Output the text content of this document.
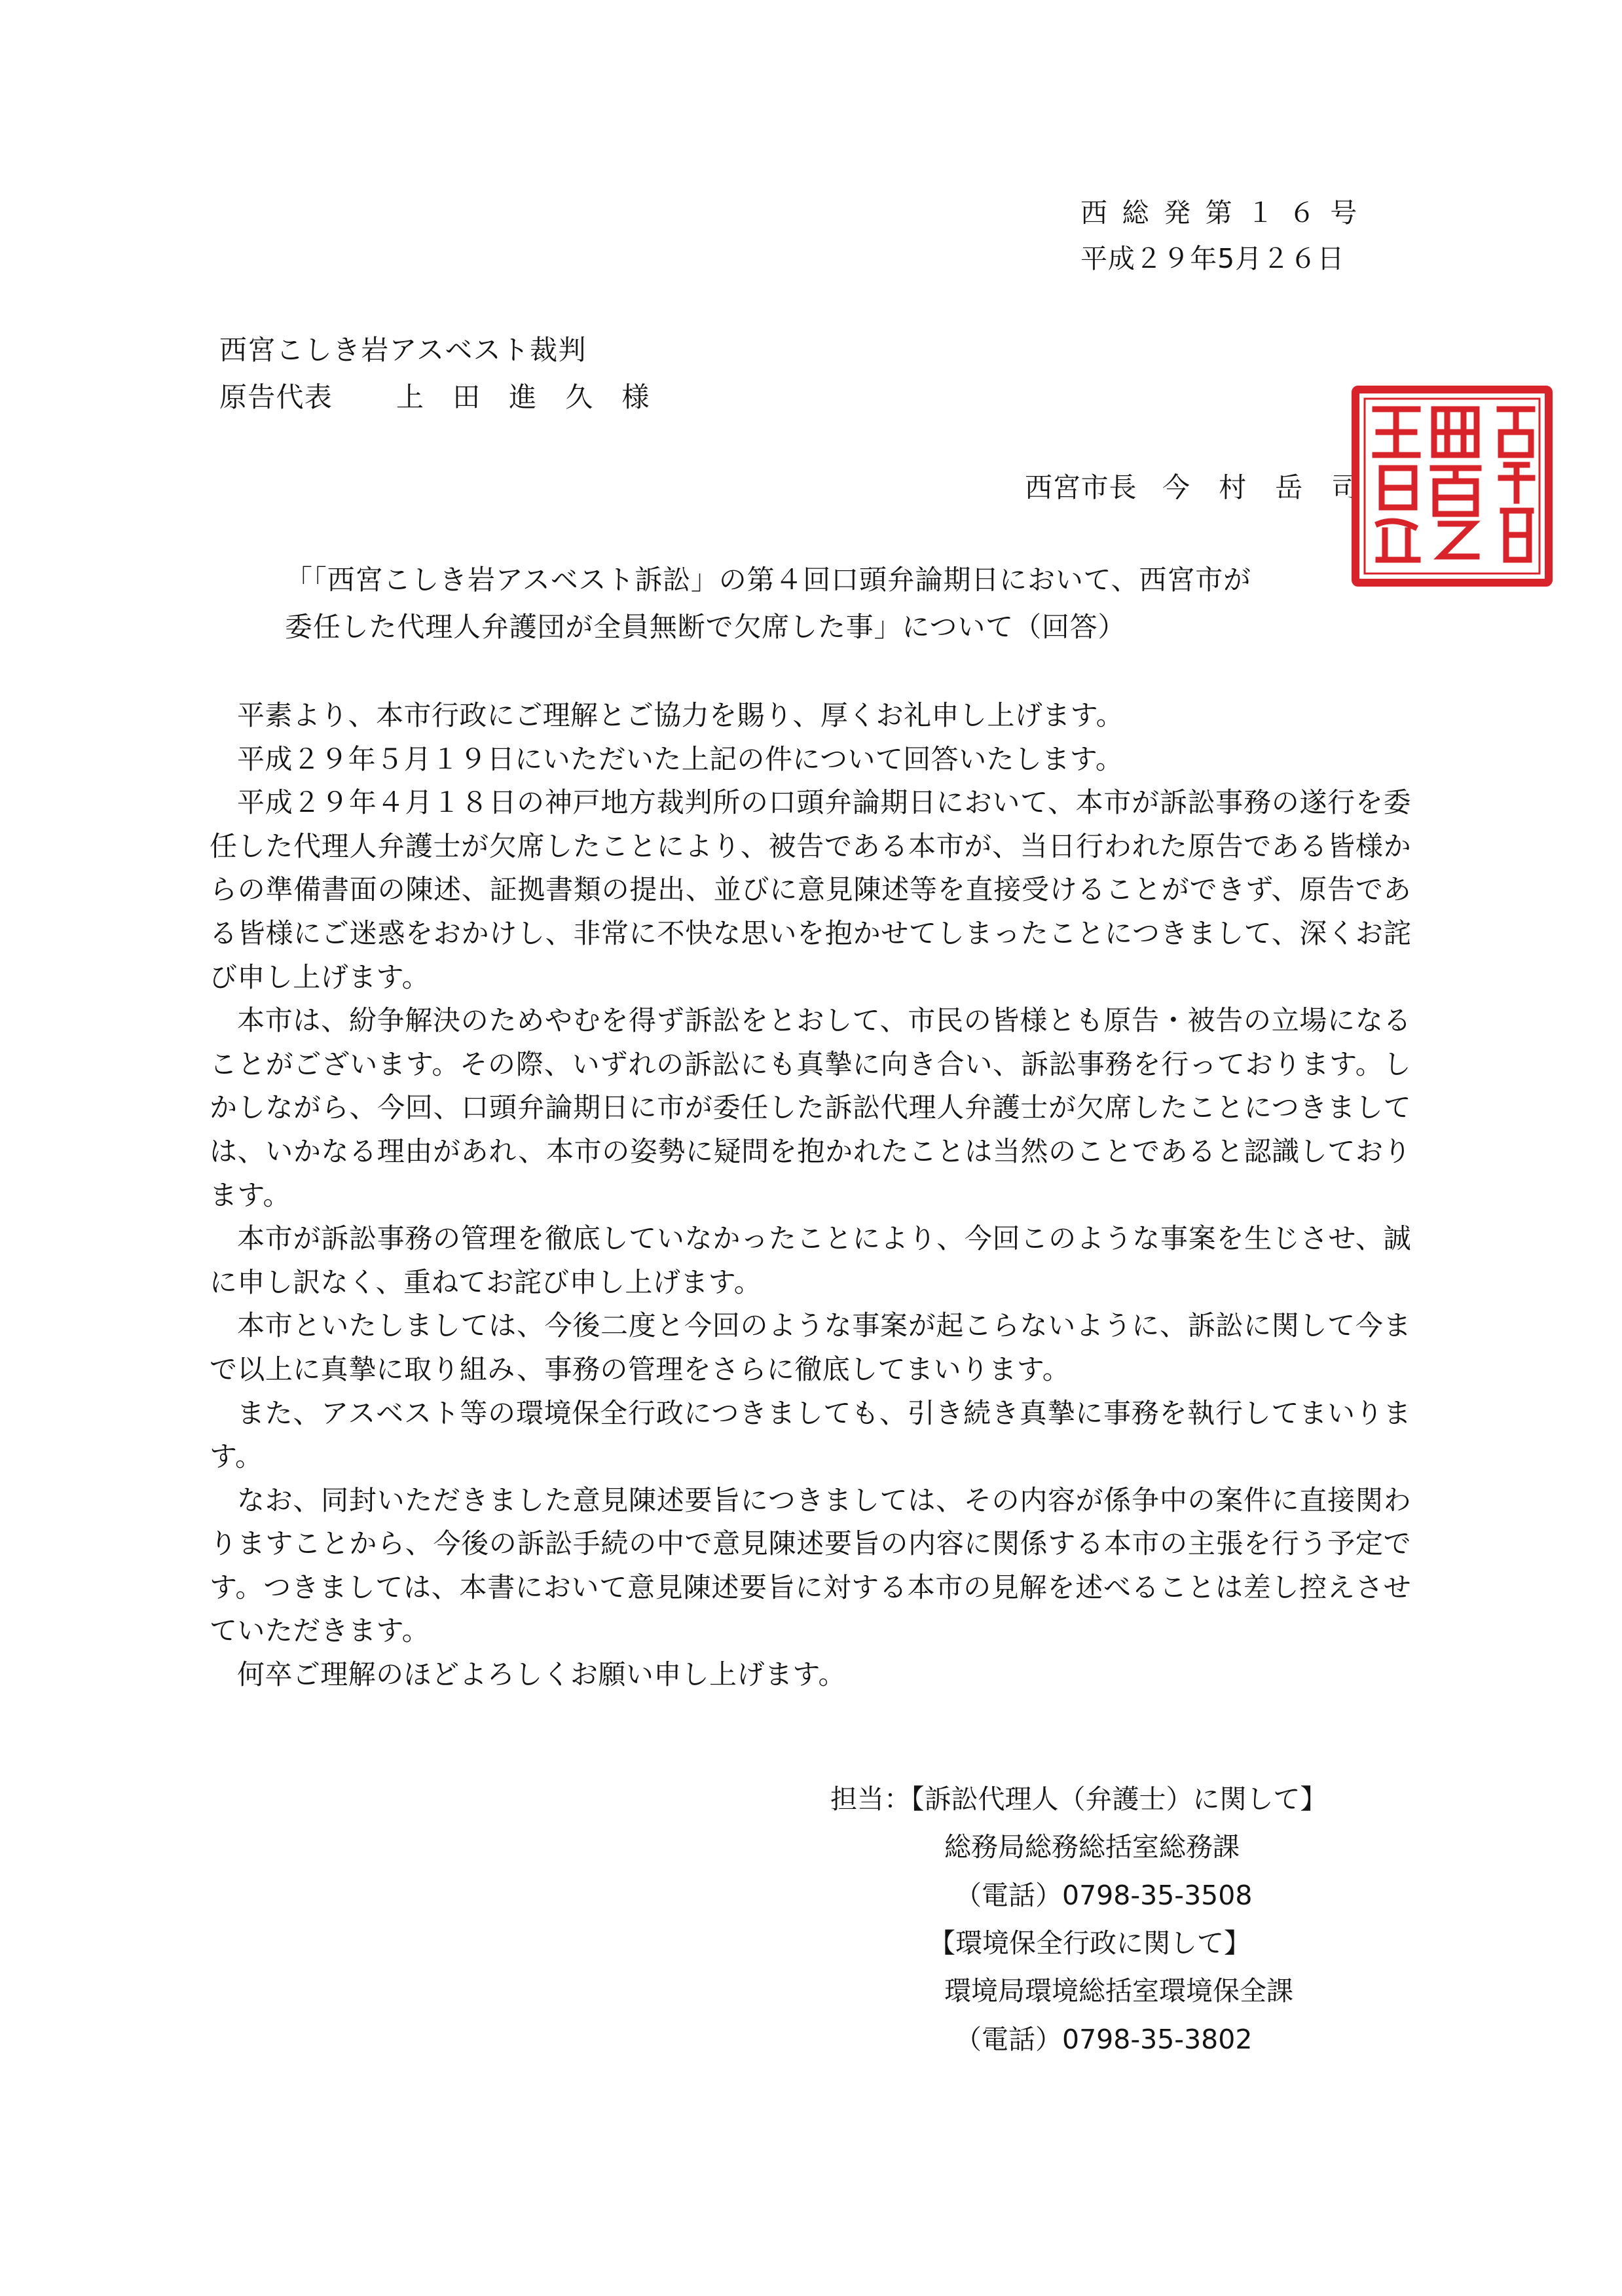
西総発第１６号
平成２９年5月２６日
西宮こしき岩アスベスト裁判
原告代表 上田進久様
西宮市長 今村岳司
「「西宮こしき岩アスベスト訴訟」の第４回口頭弁論期日において、西宮市が
委任した代理人弁護団が全員無断で欠席した事」について（回答）

平素より、本市行政にご理解とご協力を賜り、厚くお礼申し上げます。

平成２９年５月１９日にいただいた上記の件について回答いたします。

平成２９年４月１８日の神戸地方裁判所の口頭弁論期日において、本市が訴訟事務の遂行を委任した代理人弁護士が欠席したことにより、被告である本市が、当日行われた原告である皆様からの準備書面の陳述、証拠書類の提出、並びに意見陳述等を直接受けることができず、原告である皆様にご迷惑をおかけし、非常に不快な思いを抱かせてしまったことにつきまして、深くお詫び申し上げます。

本市は、紛争解決のためやむを得ず訴訟をとおして、市民の皆様とも原告・被告の立場になることがございます。その際、いずれの訴訟にも真摯に向き合い、訴訟事務を行っております。しかしながら、今回、口頭弁論期日に市が委任した訴訟代理人弁護士が欠席したことにつきましては、いかなる理由があれ、本市の姿勢に疑問を抱かれたことは当然のことであると認識しております。

本市が訴訟事務の管理を徹底していなかったことにより、今回このような事案を生じさせ、誠に申し訳なく、重ねてお詫び申し上げます。

本市といたしましては、今後二度と今回のような事案が起こらないように、訴訟に関して今まで以上に真摯に取り組み、事務の管理をさらに徹底してまいります。

また、アスベスト等の環境保全行政につきましても、引き続き真摯に事務を執行してまいります。

なお、同封いただきました意見陳述要旨につきましては、その内容が係争中の案件に直接関わりますことから、今後の訴訟手続の中で意見陳述要旨の内容に関係する本市の主張を行う予定です。つきましては、本書において意見陳述要旨に対する本市の見解を述べることは差し控えさせていただきます。

何卒ご理解のほどよろしくお願い申し上げます。

担当：【訴訟代理人（弁護士）に関して】
総務局総務総括室総務課
（電話）0798-35-3508
【環境保全行政に関して】
環境局環境総括室環境保全課
（電話）0798-35-3802
